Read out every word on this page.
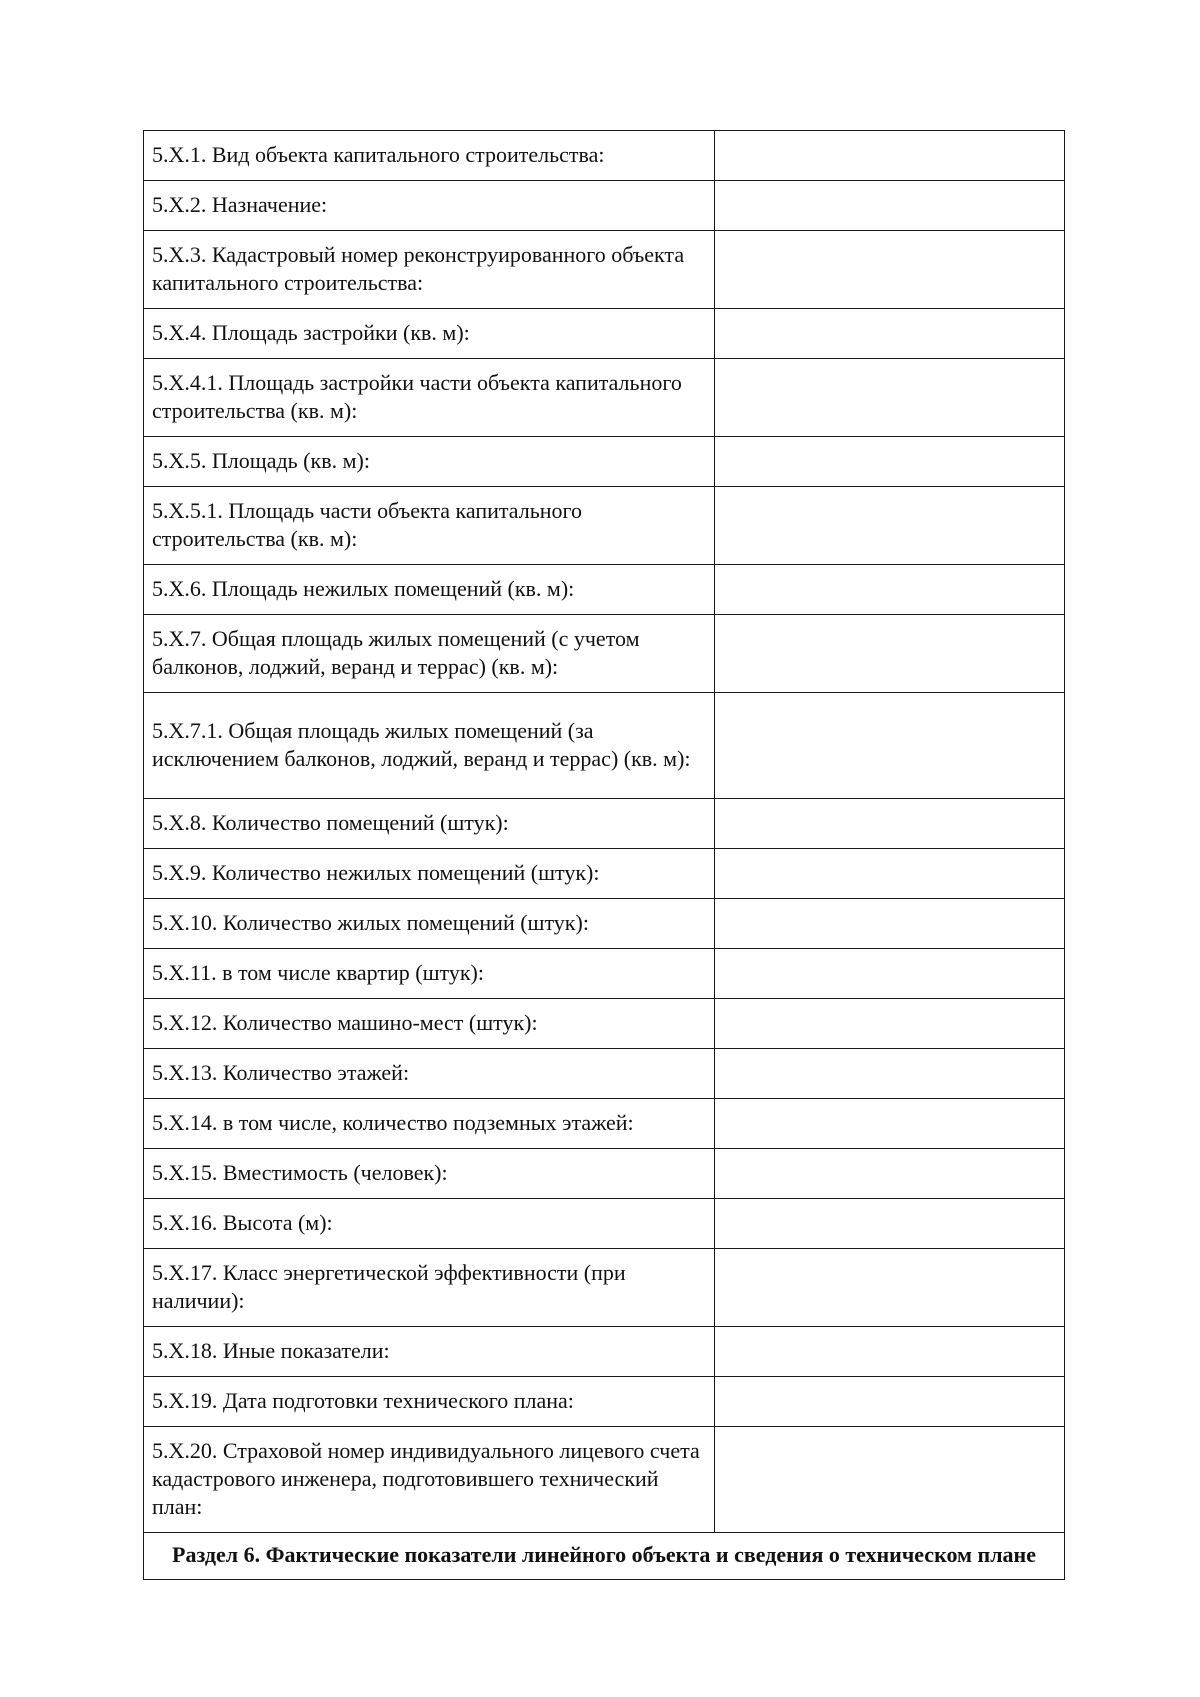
5.X.1. Вид объекта капитального строительства:	
5.X.2. Назначение:	
5.X.3. Кадастровый номер реконструированного объекта капитального строительства:	
5.X.4. Площадь застройки (кв. м):	
5.X.4.1. Площадь застройки части объекта капитального строительства (кв. м):	
5.X.5. Площадь (кв. м):	
5.X.5.1. Площадь части объекта капитального строительства (кв. м):	
5.X.6. Площадь нежилых помещений (кв. м):	
5.X.7. Общая площадь жилых помещений (с учетом балконов, лоджий, веранд и террас) (кв. м):	
5.X.7.1. Общая площадь жилых помещений (за исключением балконов, лоджий, веранд и террас) (кв. м):	
5.X.8. Количество помещений (штук):	
5.X.9. Количество нежилых помещений (штук):	
5.X.10. Количество жилых помещений (штук):	
5.X.11. в том числе квартир (штук):	
5.X.12. Количество машино-мест (штук):	
5.X.13. Количество этажей:	
5.X.14. в том числе, количество подземных этажей:	
5.X.15. Вместимость (человек):	
5.X.16. Высота (м):	
5.X.17. Класс энергетической эффективности (при наличии):	
5.X.18. Иные показатели:	
5.X.19. Дата подготовки технического плана:	
5.X.20. Страховой номер индивидуального лицевого счета кадастрового инженера, подготовившего технический план:	
Раздел 6. Фактические показатели линейного объекта и сведения о техническом плане	
